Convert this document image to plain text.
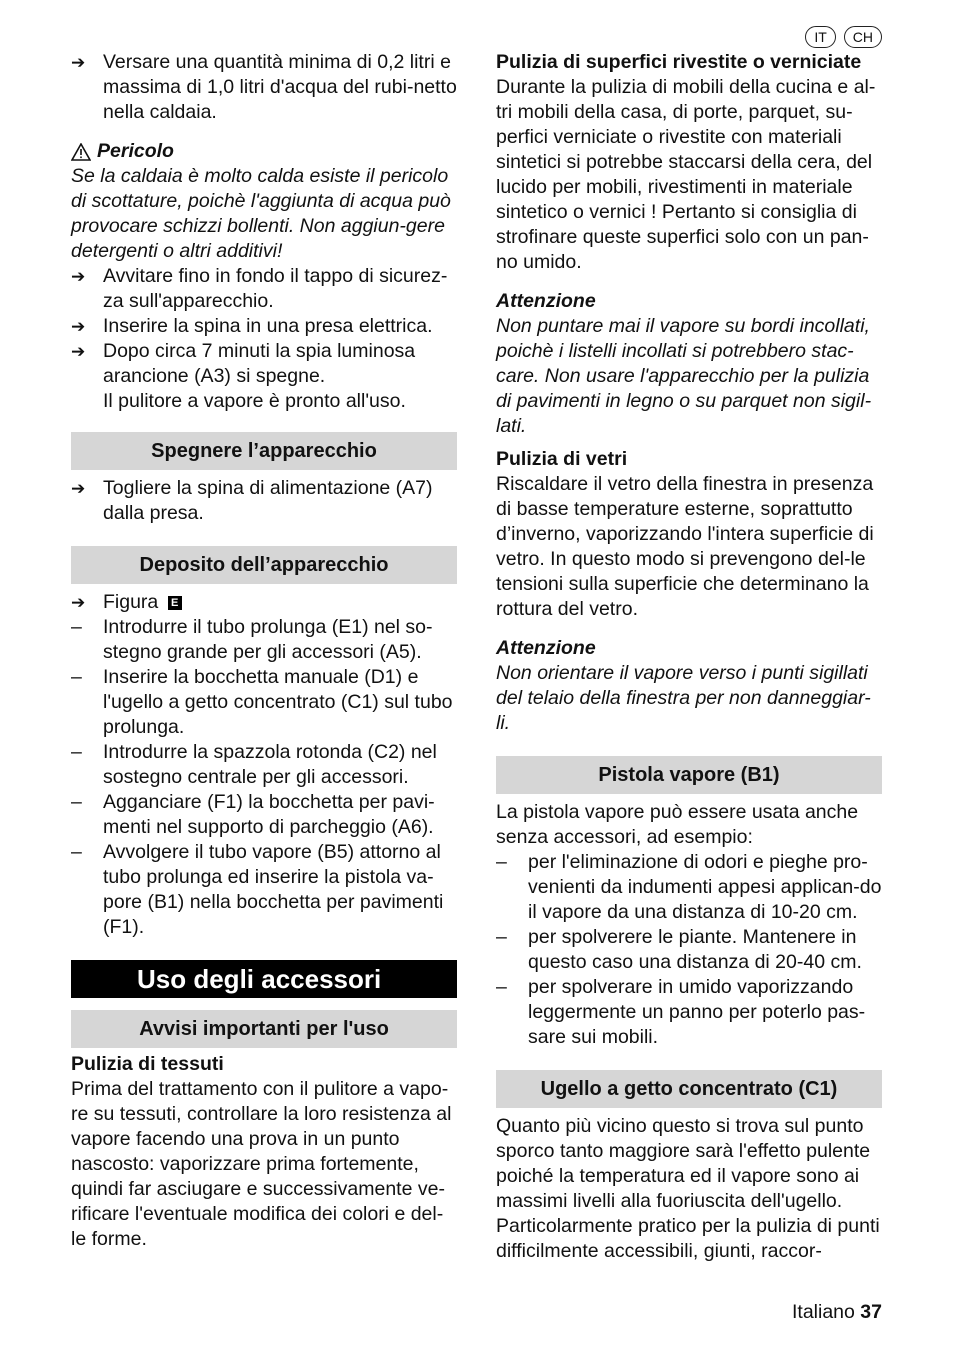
IT	CH
➔ Versare una quantità minima di 0,2 litri e massima di 1,0 litri d'acqua del rubi-netto nella caldaia.
Pericolo

Se la caldaia è molto calda esiste il pericolo di scottature, poichè l'aggiunta di acqua può provocare schizzi bollenti. Non aggiun-gere detergenti o altri additivi!

➔ Avvitare fino in fondo il tappo di sicurez-za sull'apparecchio.
➔ Inserire la spina in una presa elettrica.
➔ Dopo circa 7 minuti la spia luminosa arancione (A3) si spegne.
Il pulitore a vapore è pronto all'uso.
Spegnere l’apparecchio
➔ Togliere la spina di alimentazione (A7) dalla presa.
Deposito dell’apparecchio
➔ Figura E
–	Introdurre il tubo prolunga (E1) nel so-stegno grande per gli accessori (A5).
–	Inserire la bocchetta manuale (D1) e l'ugello a getto concentrato (C1) sul tubo prolunga.
–	Introdurre la spazzola rotonda (C2) nel sostegno centrale per gli accessori.
–	Agganciare (F1) la bocchetta per pavi-menti nel supporto di parcheggio (A6).
–	Avvolgere il tubo vapore (B5) attorno al tubo prolunga ed inserire la pistola va-pore (B1) nella bocchetta per pavimenti (F1).
Uso degli accessori
Avvisi importanti per l'uso
Pulizia di tessuti

Prima del trattamento con il pulitore a vapo-re su tessuti, controllare la loro resistenza al vapore facendo una prova in un punto nascosto: vaporizzare prima fortemente, quindi far asciugare e successivamente ve-rificare l'eventuale modifica dei colori e del-le forme.

Pulizia di superfici rivestite o verniciate

Durante la pulizia di mobili della cucina e al-tri mobili della casa, di porte, parquet, su-perfici verniciate o rivestite con materiali sintetici si potrebbe staccarsi della cera, del lucido per mobili, rivestimenti in materiale sintetico o vernici ! Pertanto si consiglia di strofinare queste superfici solo con un pan-no umido.

Attenzione

Non puntare mai il vapore su bordi incollati, poichè i listelli incollati si potrebbero stac-care. Non usare l'apparecchio per la pulizia di pavimenti in legno o su parquet non sigil-lati.

Pulizia di vetri

Riscaldare il vetro della finestra in presenza di basse temperature esterne, soprattutto d’inverno, vaporizzando l'intera superficie di vetro. In questo modo si prevengono del-le tensioni sulla superficie che determinano la rottura del vetro.

Attenzione

Non orientare il vapore verso i punti sigillati del telaio della finestra per non danneggiar-li.

Pistola vapore (B1)

La pistola vapore può essere usata anche senza accessori, ad esempio:

–	per l'eliminazione di odori e pieghe pro-venienti da indumenti appesi applican-do il vapore da una distanza di 10-20 cm.
–	per spolverere le piante. Mantenere in questo caso una distanza di 20-40 cm.
–	per spolverare in umido vaporizzando leggermente un panno per poterlo pas-sare sui mobili.
Ugello a getto concentrato (C1)

Quanto più vicino questo si trova sul punto sporco tanto maggiore sarà l'effetto pulente poiché la temperatura ed il vapore sono ai massimi livelli alla fuoriuscita dell'ugello. Particolarmente pratico per la pulizia di punti difficilmente accessibili, giunti, raccor-

Italiano 37
